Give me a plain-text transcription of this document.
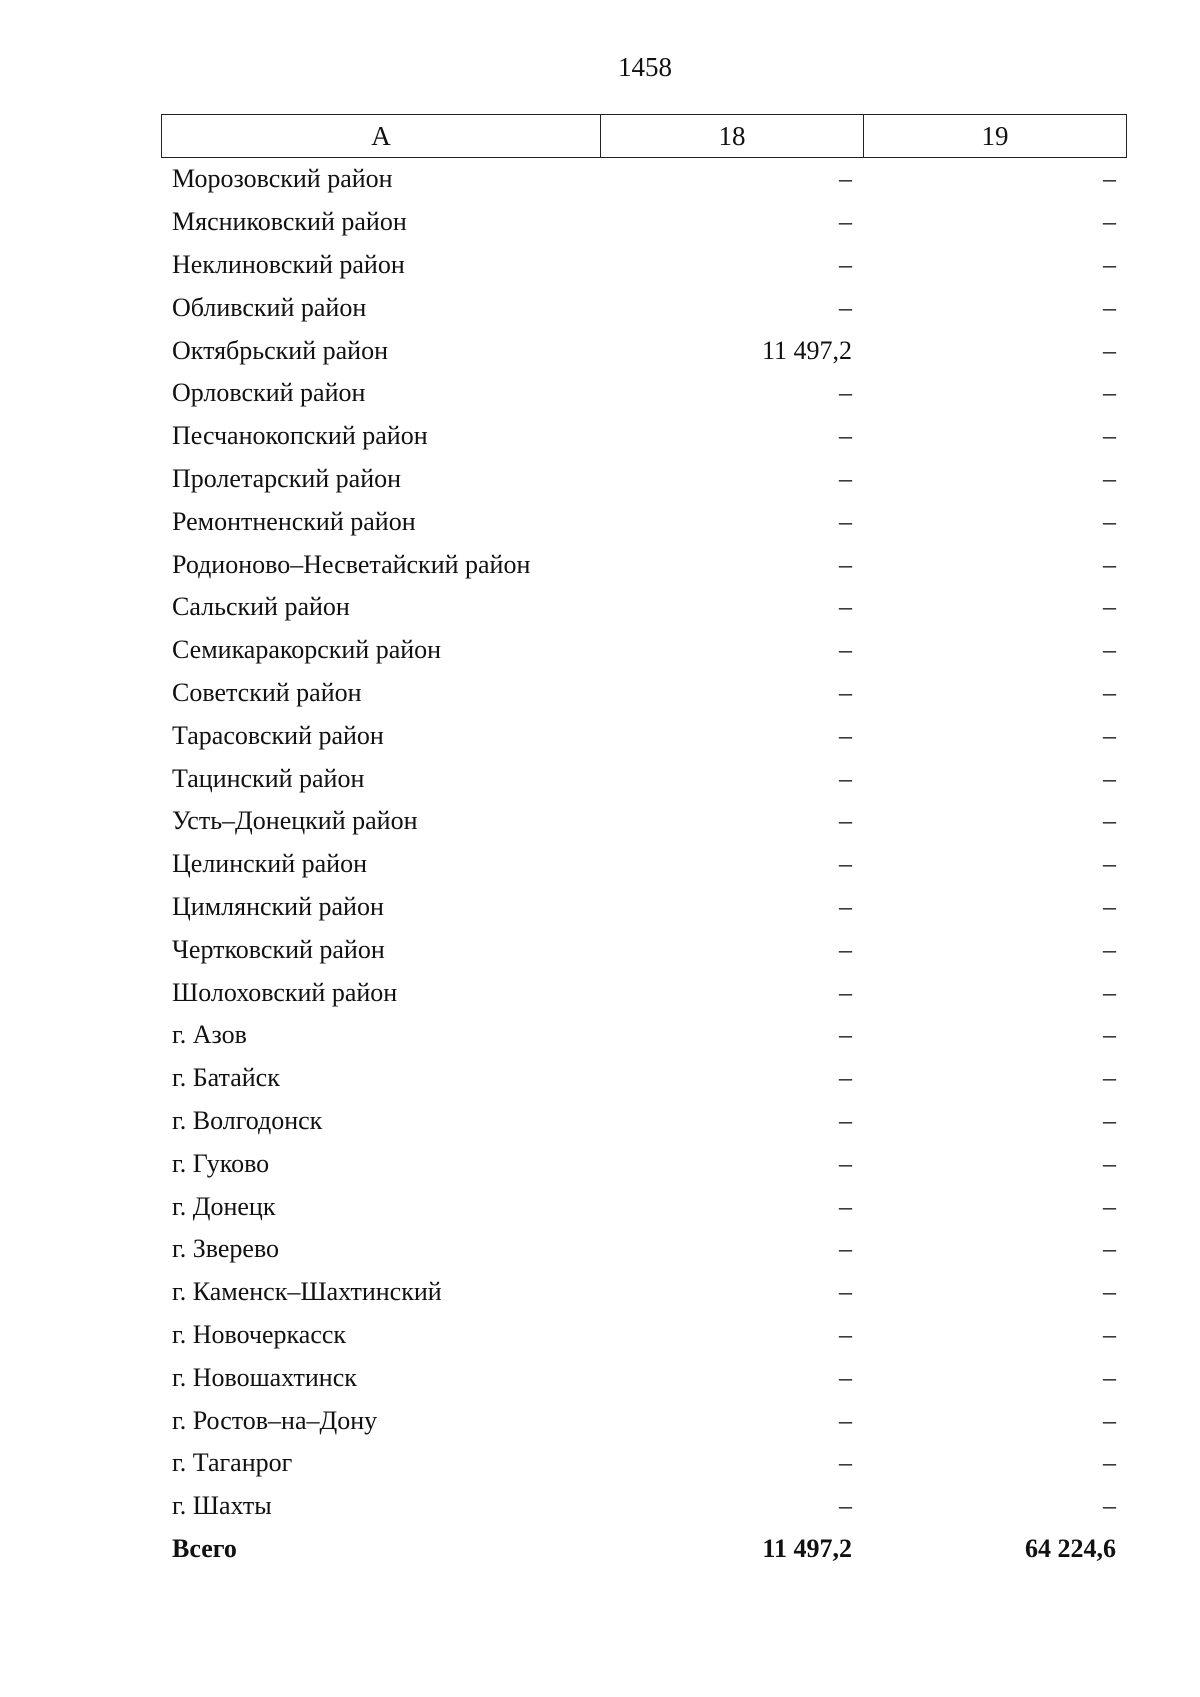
1458
А	18	19
Морозовский район	–	–
Мясниковский район	–	–
Неклиновский район	–	–
Обливский район	–	–
Октябрьский район	11 497,2	–
Орловский район	–	–
Песчанокопский район	–	–
Пролетарский район	–	–
Ремонтненский район	–	–
Родионово–Несветайский район	–	–
Сальский район	–	–
Семикаракорский район	–	–
Советский район	–	–
Тарасовский район	–	–
Тацинский район	–	–
Усть–Донецкий район	–	–
Целинский район	–	–
Цимлянский район	–	–
Чертковский район	–	–
Шолоховский район	–	–
г. Азов	–	–
г. Батайск	–	–
г. Волгодонск	–	–
г. Гуково	–	–
г. Донецк	–	–
г. Зверево	–	–
г. Каменск–Шахтинский	–	–
г. Новочеркасск	–	–
г. Новошахтинск	–	–
г. Ростов–на–Дону	–	–
г. Таганрог	–	–
г. Шахты	–	–
Всего	11 497,2	64 224,6
